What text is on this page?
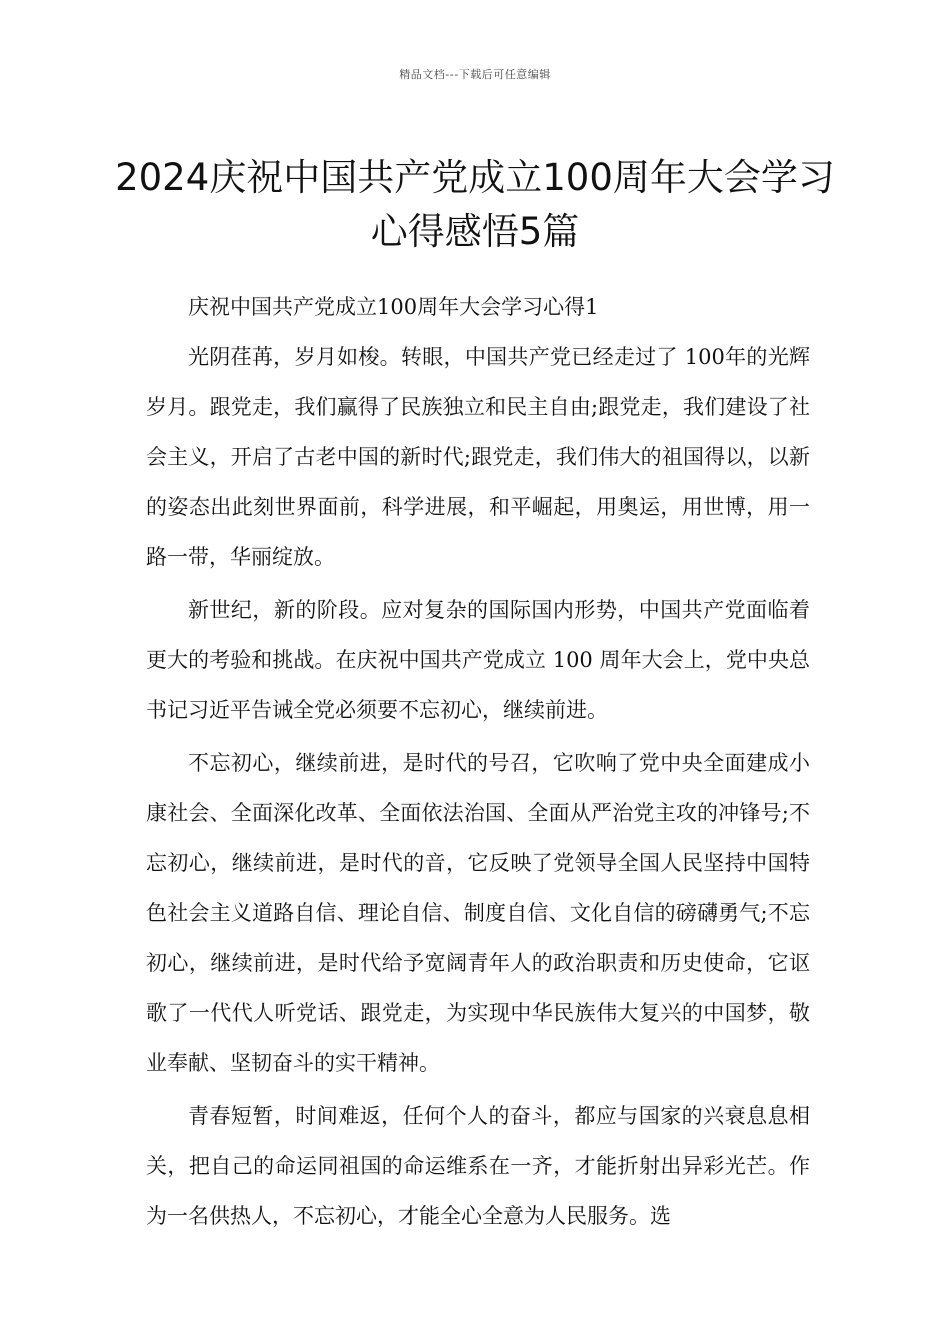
精品文档---下载后可任意编辑
2024庆祝中国共产党成立100周年大会学习心得感悟5篇

庆祝中国共产党成立100周年大会学习心得1

光阴荏苒，岁月如梭。转眼，中国共产党已经走过了 100年的光辉岁月。跟党走，我们赢得了民族独立和民主自由;跟党走，我们建设了社会主义，开启了古老中国的新时代;跟党走，我们伟大的祖国得以，以新的姿态出此刻世界面前，科学进展，和平崛起，用奥运，用世博，用一路一带，华丽绽放。

新世纪，新的阶段。应对复杂的国际国内形势，中国共产党面临着更大的考验和挑战。在庆祝中国共产党成立 100 周年大会上，党中央总书记习近平告诫全党必须要不忘初心，继续前进。

不忘初心，继续前进，是时代的号召，它吹响了党中央全面建成小康社会、全面深化改革、全面依法治国、全面从严治党主攻的冲锋号;不忘初心，继续前进，是时代的音，它反映了党领导全国人民坚持中国特色社会主义道路自信、理论自信、制度自信、文化自信的磅礴勇气;不忘初心，继续前进，是时代给予宽阔青年人的政治职责和历史使命，它讴歌了一代代人听党话、跟党走，为实现中华民族伟大复兴的中国梦，敬业奉献、坚韧奋斗的实干精神。

青春短暂，时间难返，任何个人的奋斗，都应与国家的兴衰息息相关，把自己的命运同祖国的命运维系在一齐，才能折射出异彩光芒。作为一名供热人，不忘初心，才能全心全意为人民服务。选
